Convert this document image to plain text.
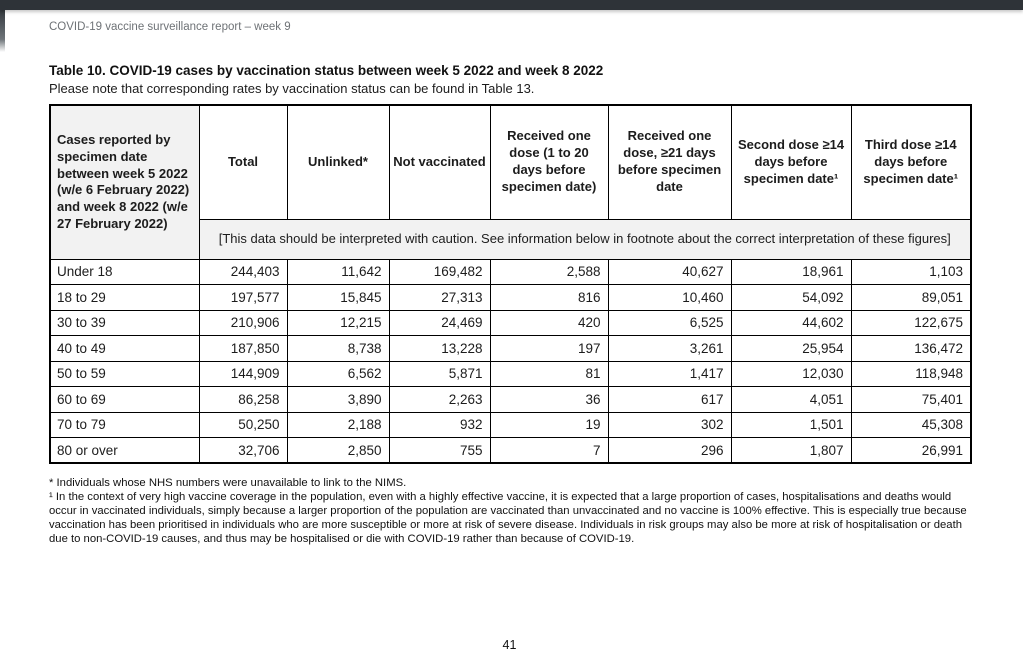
COVID-19 vaccine surveillance report – week 9
Table 10. COVID-19 cases by vaccination status between week 5 2022 and week 8 2022
Please note that corresponding rates by vaccination status can be found in Table 13.
Cases reported by specimen date between week 5 2022 (w/e 6 February 2022) and week 8 2022 (w/e 27 February 2022)	Total	Unlinked*	Not vaccinated	Received one dose (1 to 20 days before specimen date)	Received one dose, ≥21 days before specimen date	Second dose ≥14 days before specimen date¹	Third dose ≥14 days before specimen date¹
	[This data should be interpreted with caution. See information below in footnote about the correct interpretation of these figures]						
Under 18	244,403	11,642	169,482	2,588	40,627	18,961	1,103
18 to 29	197,577	15,845	27,313	816	10,460	54,092	89,051
30 to 39	210,906	12,215	24,469	420	6,525	44,602	122,675
40 to 49	187,850	8,738	13,228	197	3,261	25,954	136,472
50 to 59	144,909	6,562	5,871	81	1,417	12,030	118,948
60 to 69	86,258	3,890	2,263	36	617	4,051	75,401
70 to 79	50,250	2,188	932	19	302	1,501	45,308
80 or over	32,706	2,850	755	7	296	1,807	26,991

* Individuals whose NHS numbers were unavailable to link to the NIMS.

¹ In the context of very high vaccine coverage in the population, even with a highly effective vaccine, it is expected that a large proportion of cases, hospitalisations and deaths would occur in vaccinated individuals, simply because a larger proportion of the population are vaccinated than unvaccinated and no vaccine is 100% effective. This is especially true because vaccination has been prioritised in individuals who are more susceptible or more at risk of severe disease. Individuals in risk groups may also be more at risk of hospitalisation or death due to non-COVID-19 causes, and thus may be hospitalised or die with COVID-19 rather than because of COVID-19.

41
